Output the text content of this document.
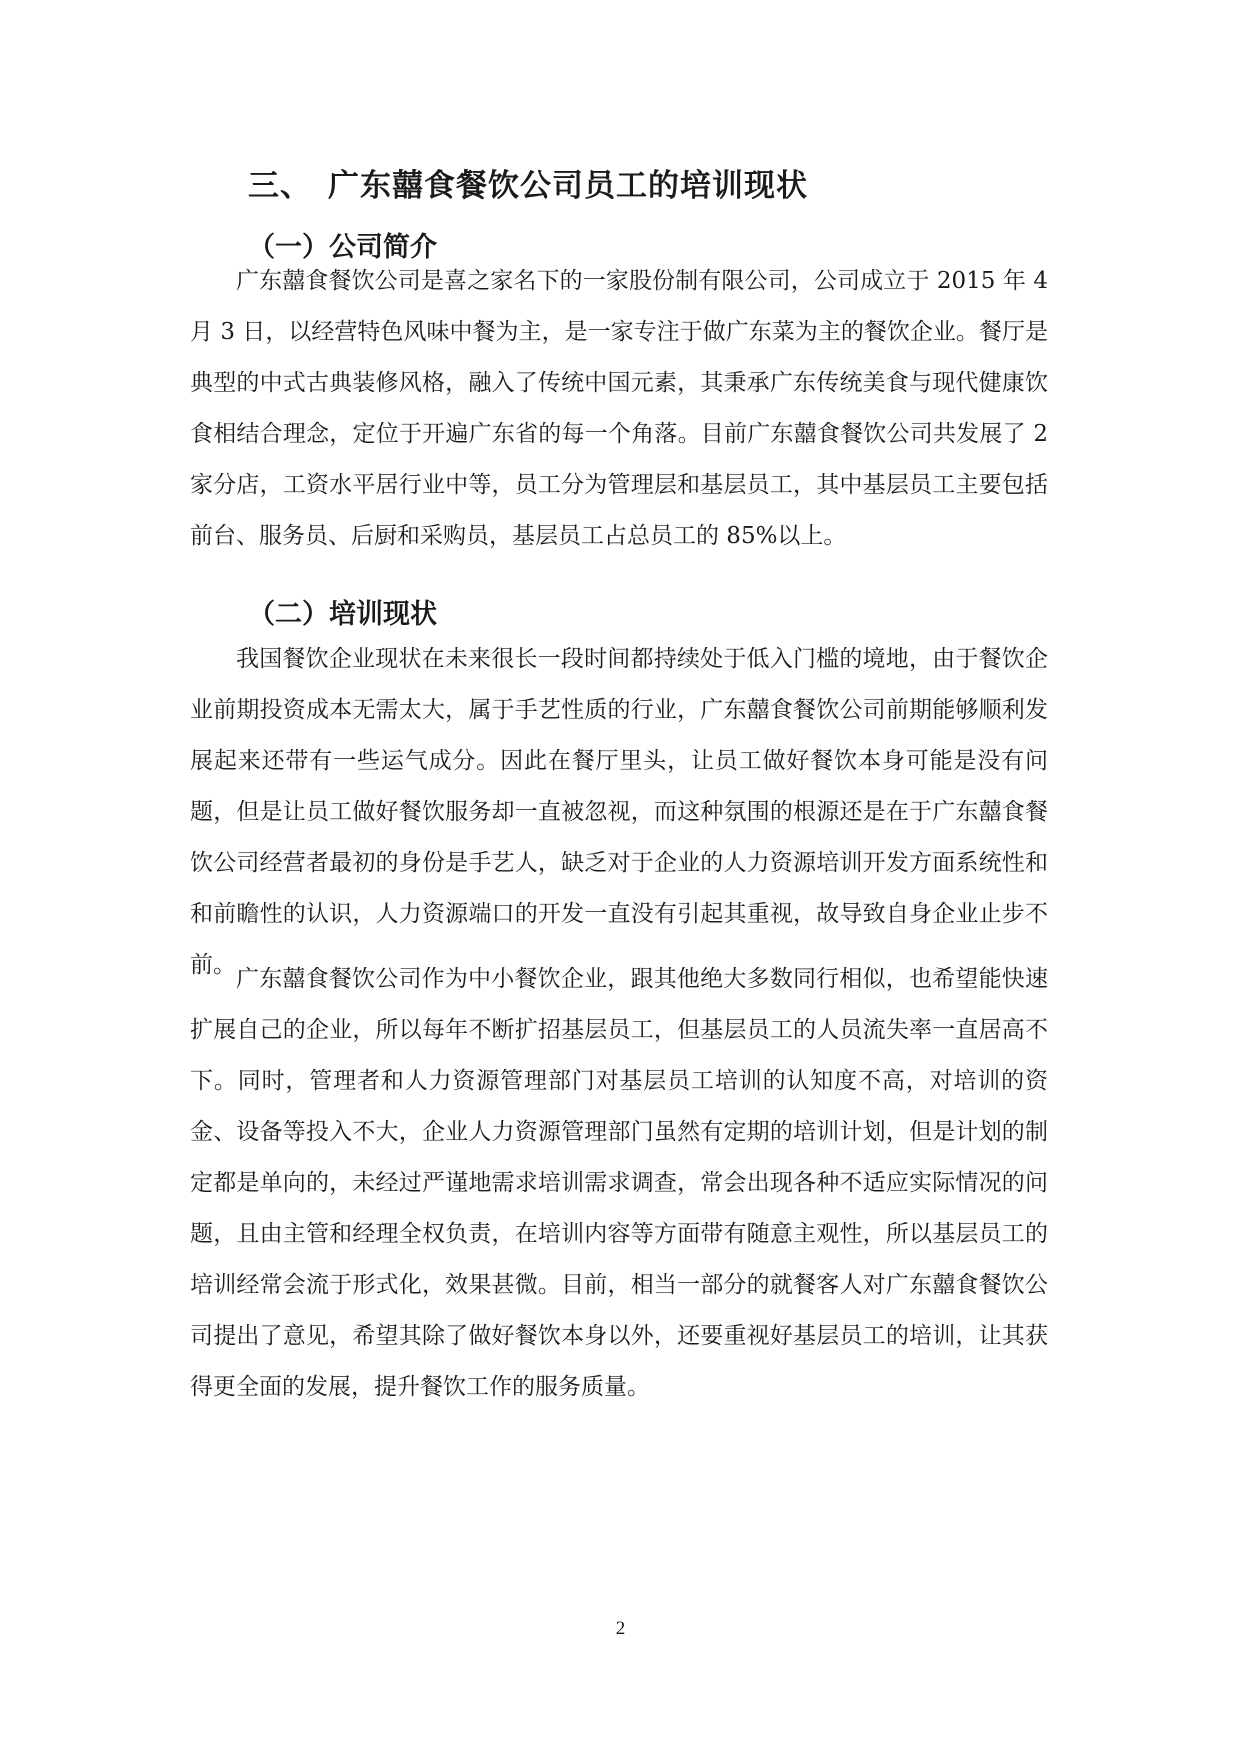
三、 广东囍食餐饮公司员工的培训现状
（一）公司简介

广东囍食餐饮公司是喜之家名下的一家股份制有限公司，公司成立于 2015 年 4 月 3 日，以经营特色风味中餐为主，是一家专注于做广东菜为主的餐饮企业。餐厅是典型的中式古典装修风格，融入了传统中国元素，其秉承广东传统美食与现代健康饮食相结合理念，定位于开遍广东省的每一个角落。目前广东囍食餐饮公司共发展了 2 家分店，工资水平居行业中等，员工分为管理层和基层员工，其中基层员工主要包括前台、服务员、后厨和采购员，基层员工占总员工的 85%以上。

（二）培训现状

我国餐饮企业现状在未来很长一段时间都持续处于低入门槛的境地，由于餐饮企业前期投资成本无需太大，属于手艺性质的行业，广东囍食餐饮公司前期能够顺利发展起来还带有一些运气成分。因此在餐厅里头，让员工做好餐饮本身可能是没有问题，但是让员工做好餐饮服务却一直被忽视，而这种氛围的根源还是在于广东囍食餐饮公司经营者最初的身份是手艺人，缺乏对于企业的人力资源培训开发方面系统性和和前瞻性的认识，人力资源端口的开发一直没有引起其重视，故导致自身企业止步不前。

广东囍食餐饮公司作为中小餐饮企业，跟其他绝大多数同行相似，也希望能快速扩展自己的企业，所以每年不断扩招基层员工，但基层员工的人员流失率一直居高不下。同时，管理者和人力资源管理部门对基层员工培训的认知度不高，对培训的资金、设备等投入不大，企业人力资源管理部门虽然有定期的培训计划，但是计划的制定都是单向的，未经过严谨地需求培训需求调查，常会出现各种不适应实际情况的问题，且由主管和经理全权负责，在培训内容等方面带有随意主观性，所以基层员工的培训经常会流于形式化，效果甚微。目前，相当一部分的就餐客人对广东囍食餐饮公司提出了意见，希望其除了做好餐饮本身以外，还要重视好基层员工的培训，让其获得更全面的发展，提升餐饮工作的服务质量。

2
